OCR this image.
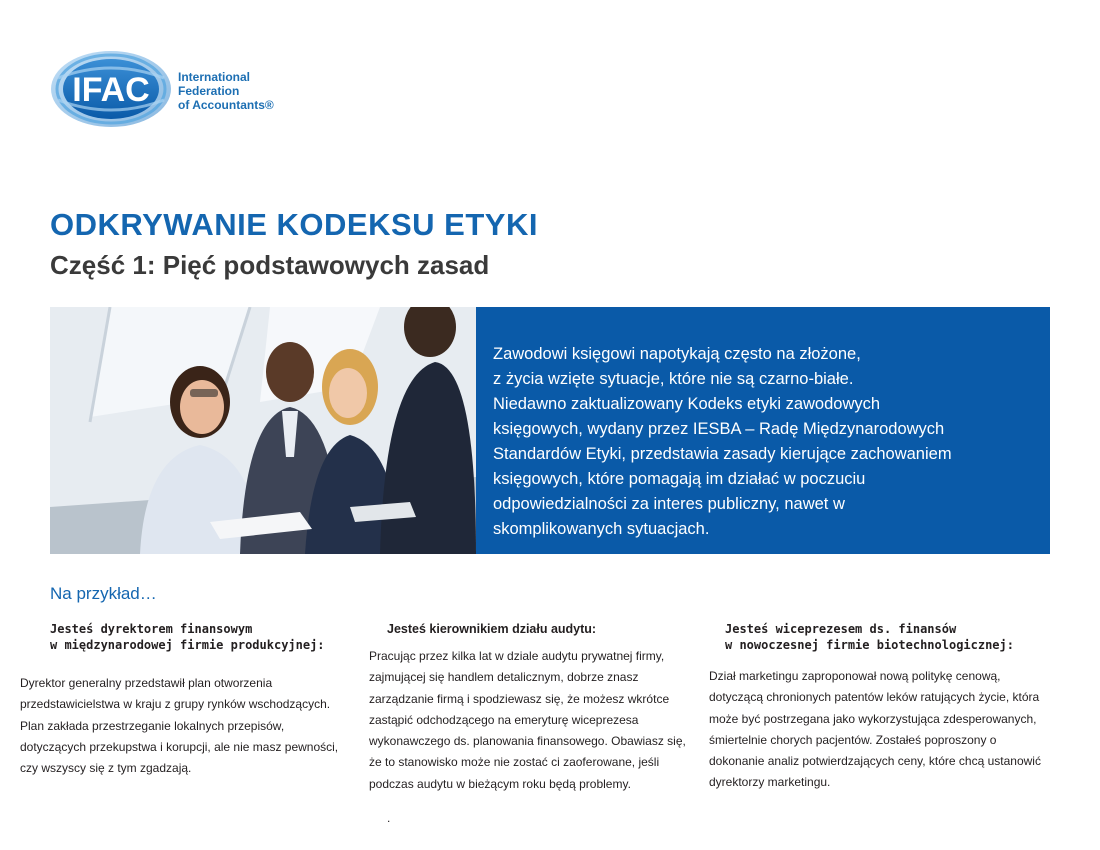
IFAC International
Federation
of Accountants®
ODKRYWANIE KODEKSU ETYKI
Część 1: Pięć podstawowych zasad
Zawodowi księgowi napotykają często na złożone,
z życia wzięte sytuacje, które nie są czarno-białe.
Niedawno zaktualizowany Kodeks etyki zawodowych
księgowych, wydany przez IESBA – Radę Międzynarodowych
Standardów Etyki, przedstawia zasady kierujące zachowaniem
księgowych, które pomagają im działać w poczuciu
odpowiedzialności za interes publiczny, nawet w
skomplikowanych sytuacjach.
Na przykład…
Jesteś dyrektorem finansowym
w międzynarodowej firmie produkcyjnej:
Dyrektor generalny przedstawił plan otworzenia
przedstawicielstwa w kraju z grupy rynków wschodzących.
Plan zakłada przestrzeganie lokalnych przepisów,
dotyczących przekupstwa i korupcji, ale nie masz pewności,
czy wszyscy się z tym zgadzają.
Jesteś kierownikiem działu audytu:
Pracując przez kilka lat w dziale audytu prywatnej firmy,
zajmującej się handlem detalicznym, dobrze znasz
zarządzanie firmą i spodziewasz się, że możesz wkrótce
zastąpić odchodzącego na emeryturę wiceprezesa
wykonawczego ds. planowania finansowego. Obawiasz się,
że to stanowisko może nie zostać ci zaoferowane, jeśli
podczas audytu w bieżącym roku będą problemy.
.
Jesteś wiceprezesem ds. finansów
w nowoczesnej firmie biotechnologicznej:
Dział marketingu zaproponował nową politykę cenową,
dotyczącą chronionych patentów leków ratujących życie, która
może być postrzegana jako wykorzystująca zdesperowanych,
śmiertelnie chorych pacjentów. Zostałeś poproszony o
dokonanie analiz potwierdzających ceny, które chcą ustanowić
dyrektorzy marketingu.
